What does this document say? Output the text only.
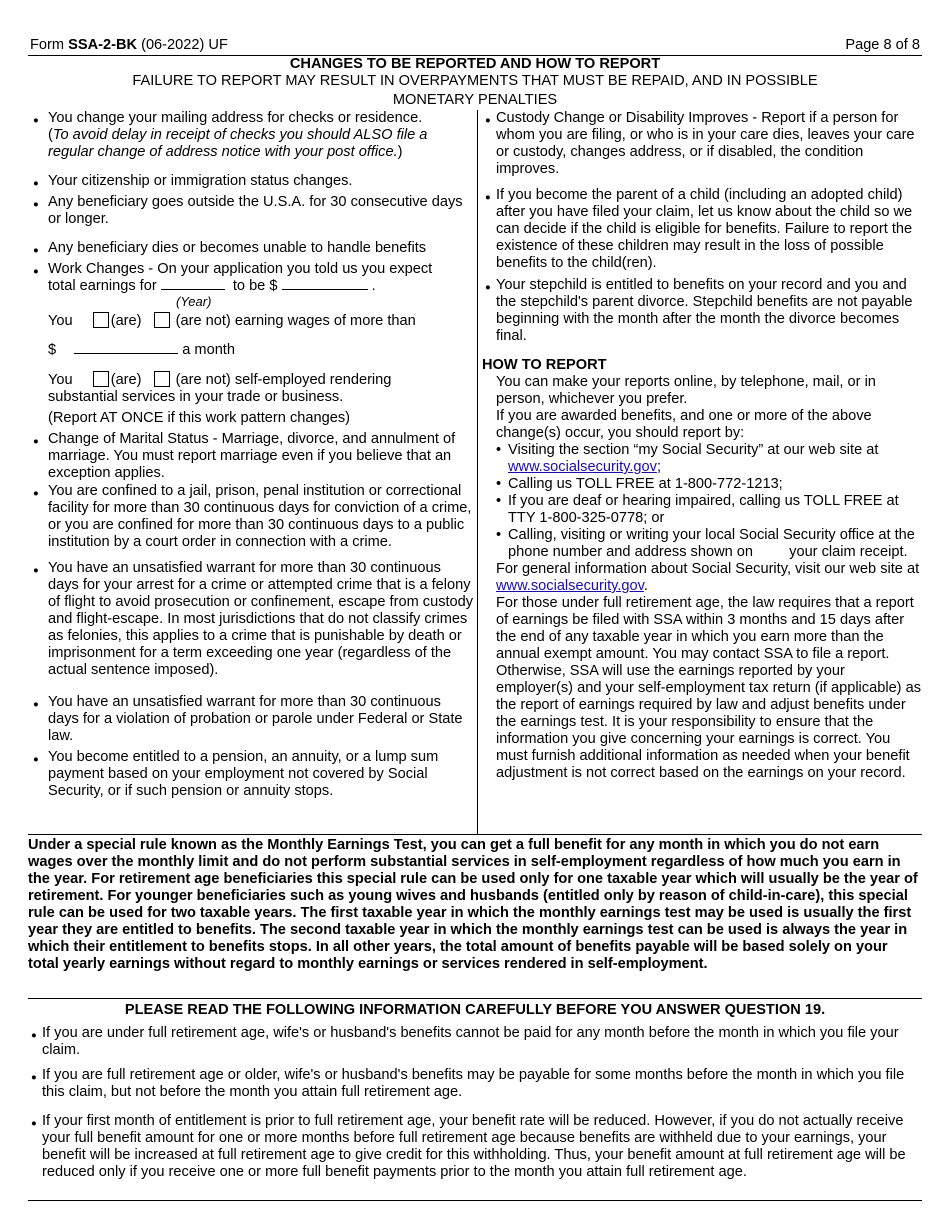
Form SSA-2-BK (06-2022) UF	Page 8 of 8
CHANGES TO BE REPORTED AND HOW TO REPORT
FAILURE TO REPORT MAY RESULT IN OVERPAYMENTS THAT MUST BE REPAID, AND IN POSSIBLE
MONETARY PENALTIES
● You change your mailing address for checks or residence.
(To avoid delay in receipt of checks you should ALSO file a regular change of address notice with your post office.)
● Your citizenship or immigration status changes.
● Any beneficiary goes outside the U.S.A. for 30 consecutive days or longer.
● Any beneficiary dies or becomes unable to handle benefits
● Work Changes - On your application you told us you expect
total earnings for	to be $	.
(Year)
You	(are) (are not) earning wages of more than
$	a month
You	(are) (are not) self-employed rendering
substantial services in your trade or business.
(Report AT ONCE if this work pattern changes)
● Change of Marital Status - Marriage, divorce, and annulment of marriage. You must report marriage even if you believe that an exception applies.
● You are confined to a jail, prison, penal institution or correctional facility for more than 30 continuous days for conviction of a crime, or you are confined for more than 30 continuous days to a public institution by a court order in connection with a crime.
● You have an unsatisfied warrant for more than 30 continuous days for your arrest for a crime or attempted crime that is a felony of flight to avoid prosecution or confinement, escape from custody and flight-escape. In most jurisdictions that do not classify crimes as felonies, this applies to a crime that is punishable by death or imprisonment for a term exceeding one year (regardless of the actual sentence imposed).
● You have an unsatisfied warrant for more than 30 continuous days for a violation of probation or parole under Federal or State law.
● You become entitled to a pension, an annuity, or a lump sum payment based on your employment not covered by Social Security, or if such pension or annuity stops.
● Custody Change or Disability Improves - Report if a person for whom you are filing, or who is in your care dies, leaves your care or custody, changes address, or if disabled, the condition improves.
● If you become the parent of a child (including an adopted child) after you have filed your claim, let us know about the child so we can decide if the child is eligible for benefits. Failure to report the existence of these children may result in the loss of possible benefits to the child(ren).
● Your stepchild is entitled to benefits on your record and you and the stepchild's parent divorce. Stepchild benefits are not payable beginning with the month after the month the divorce becomes final.
HOW TO REPORT
You can make your reports online, by telephone, mail, or in person, whichever you prefer.
If you are awarded benefits, and one or more of the above change(s) occur, you should report by:
• Visiting the section “my Social Security” at our web site at
www.socialsecurity.gov;
• Calling us TOLL FREE at 1-800-772-1213;
• If you are deaf or hearing impaired, calling us TOLL FREE at TTY 1-800-325-0778; or
• Calling, visiting or writing your local Social Security office at the phone number and address shown on your claim receipt.
For general information about Social Security, visit our web site at www.socialsecurity.gov.
For those under full retirement age, the law requires that a report of earnings be filed with SSA within 3 months and 15 days after the end of any taxable year in which you earn more than the annual exempt amount. You may contact SSA to file a report. Otherwise, SSA will use the earnings reported by your employer(s) and your self-employment tax return (if applicable) as the report of earnings required by law and adjust benefits under the earnings test. It is your responsibility to ensure that the information you give concerning your earnings is correct. You must furnish additional information as needed when your benefit adjustment is not correct based on the earnings on your record.
Under a special rule known as the Monthly Earnings Test, you can get a full benefit for any month in which you do not earn wages over the monthly limit and do not perform substantial services in self-employment regardless of how much you earn in the year. For retirement age beneficiaries this special rule can be used only for one taxable year which will usually be the year of retirement. For younger beneficiaries such as young wives and husbands (entitled only by reason of child-in-care), this special rule can be used for two taxable years. The first taxable year in which the monthly earnings test may be used is usually the first year they are entitled to benefits. The second taxable year in which the monthly earnings test can be used is always the year in which their entitlement to benefits stops. In all other years, the total amount of benefits payable will be based solely on your total yearly earnings without regard to monthly earnings or services rendered in self-employment.
PLEASE READ THE FOLLOWING INFORMATION CAREFULLY BEFORE YOU ANSWER QUESTION 19.
● If you are under full retirement age, wife's or husband's benefits cannot be paid for any month before the month in which you file your claim.
● If you are full retirement age or older, wife's or husband's benefits may be payable for some months before the month in which you file this claim, but not before the month you attain full retirement age.
● If your first month of entitlement is prior to full retirement age, your benefit rate will be reduced. However, if you do not actually receive your full benefit amount for one or more months before full retirement age because benefits are withheld due to your earnings, your benefit will be increased at full retirement age to give credit for this withholding. Thus, your benefit amount at full retirement age will be reduced only if you receive one or more full benefit payments prior to the month you attain full retirement age.
